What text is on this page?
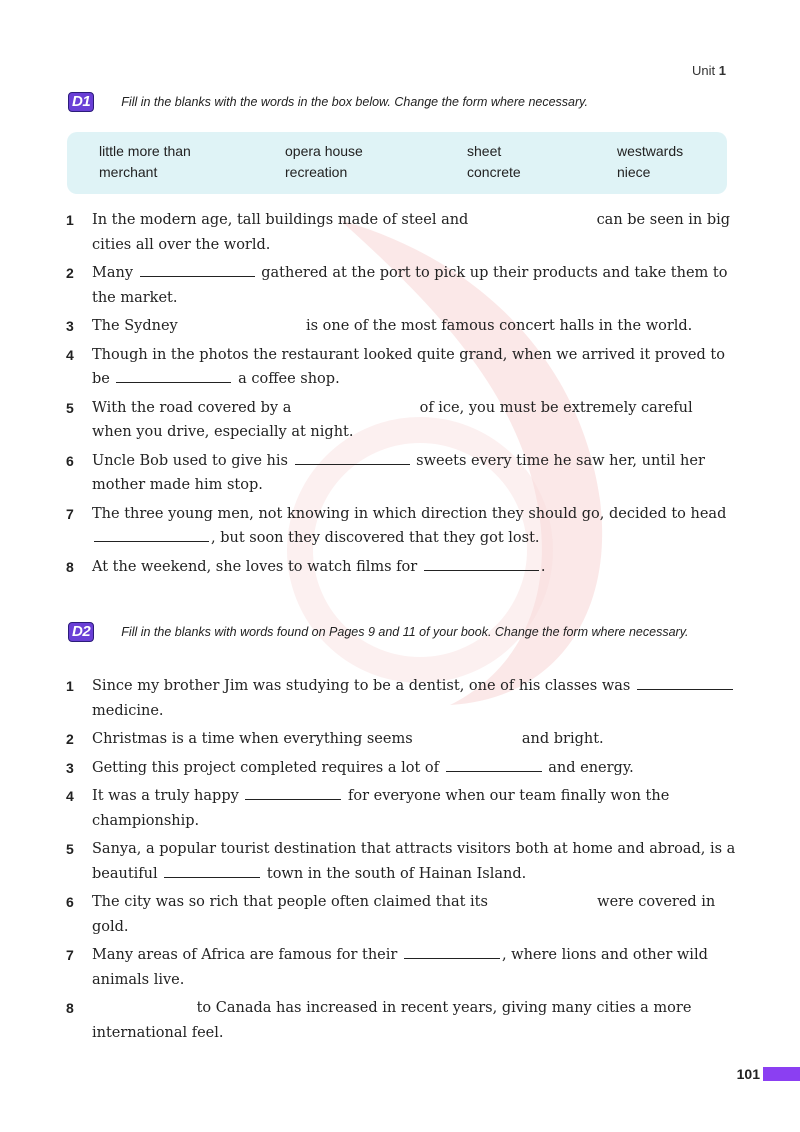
Unit 1
D1 Fill in the blanks with the words in the box below. Change the form where necessary.
little more than	opera house	sheet	westwards
merchant	recreation	concrete	niece
1 In the modern age, tall buildings made of steel and	can be seen in big cities all over the world.
2 Many	gathered at the port to pick up their products and take them to the market.
3 The Sydney	is one of the most famous concert halls in the world.
4 Though in the photos the restaurant looked quite grand, when we arrived it proved to be	a coffee shop.
5 With the road covered by a	of ice, you must be extremely careful when you drive, especially at night.
6 Uncle Bob used to give his	sweets every time he saw her, until her mother made him stop.
7 The three young men, not knowing in which direction they should go, decided to head , but soon they discovered that they got lost.
8 At the weekend, she loves to watch films for	.
D2 Fill in the blanks with words found on Pages 9 and 11 of your book. Change the form where necessary.
1 Since my brother Jim was studying to be a dentist, one of his classes was  medicine.
2 Christmas is a time when everything seems	and bright.
3 Getting this project completed requires a lot of	and energy.
4 It was a truly happy	for everyone when our team finally won the championship.
5 Sanya, a popular tourist destination that attracts visitors both at home and abroad, is a beautiful	town in the south of Hainan Island.
6 The city was so rich that people often claimed that its	were covered in gold.
7 Many areas of Africa are famous for their	, where lions and other wild animals live.
8	to Canada has increased in recent years, giving many cities a more international feel.
101
